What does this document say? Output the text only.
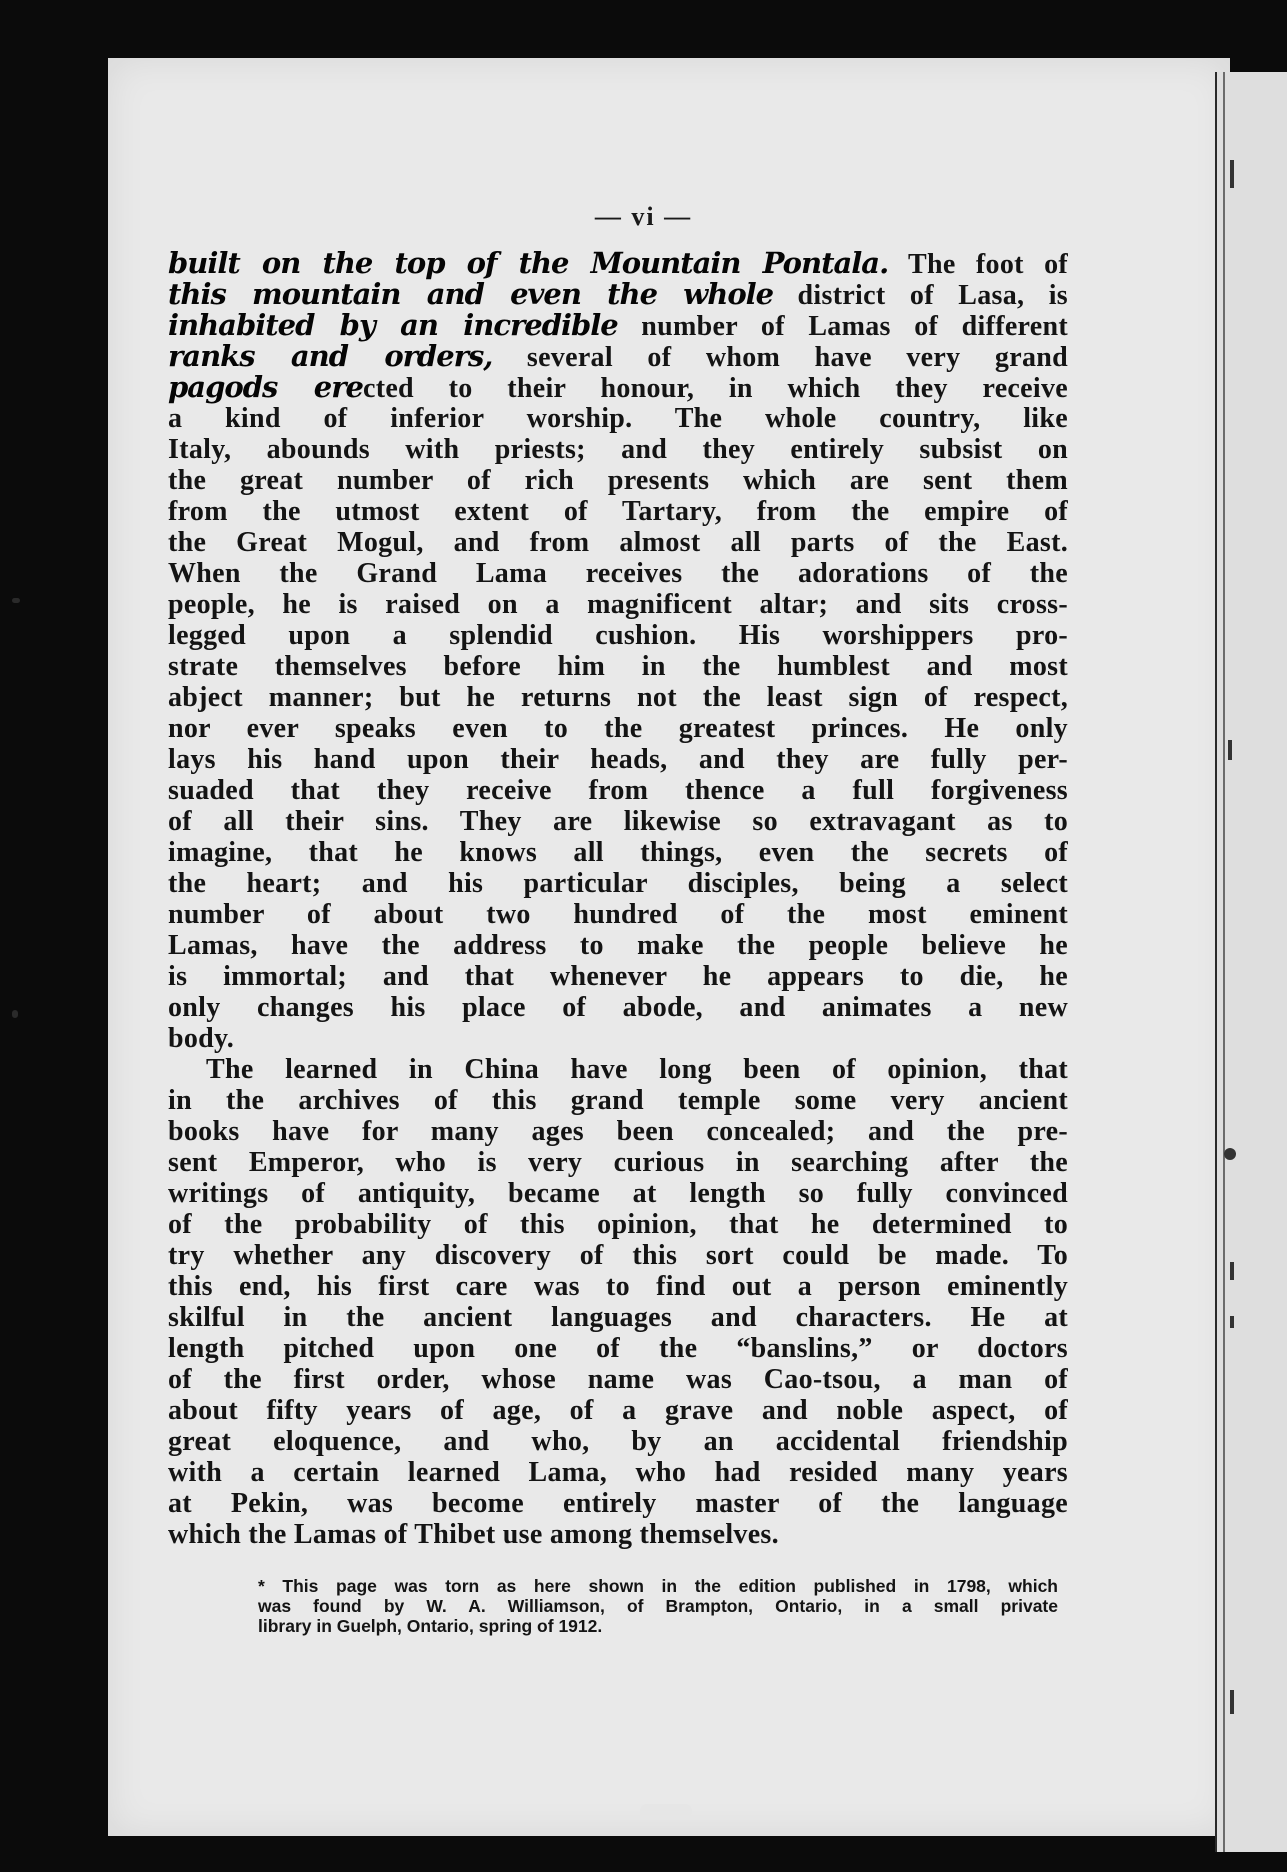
— vi —
built on the top of the Mountain Pontala. The foot of
this mountain and even the whole district of Lasa, is
inhabited by an incredible number of Lamas of different
ranks and orders, several of whom have very grand
pagods erected to their honour, in which they receive
a kind of inferior worship. The whole country, like
Italy, abounds with priests; and they entirely subsist on
the great number of rich presents which are sent them
from the utmost extent of Tartary, from the empire of
the Great Mogul, and from almost all parts of the East.
When the Grand Lama receives the adorations of the
people, he is raised on a magnificent altar; and sits cross-
legged upon a splendid cushion. His worshippers pro-
strate themselves before him in the humblest and most
abject manner; but he returns not the least sign of respect,
nor ever speaks even to the greatest princes. He only
lays his hand upon their heads, and they are fully per-
suaded that they receive from thence a full forgiveness
of all their sins. They are likewise so extravagant as to
imagine, that he knows all things, even the secrets of
the heart; and his particular disciples, being a select
number of about two hundred of the most eminent
Lamas, have the address to make the people believe he
is immortal; and that whenever he appears to die, he
only changes his place of abode, and animates a new
body.
The learned in China have long been of opinion, that
in the archives of this grand temple some very ancient
books have for many ages been concealed; and the pre-
sent Emperor, who is very curious in searching after the
writings of antiquity, became at length so fully convinced
of the probability of this opinion, that he determined to
try whether any discovery of this sort could be made. To
this end, his first care was to find out a person eminently
skilful in the ancient languages and characters. He at
length pitched upon one of the “banslins,” or doctors
of the first order, whose name was Cao-tsou, a man of
about fifty years of age, of a grave and noble aspect, of
great eloquence, and who, by an accidental friendship
with a certain learned Lama, who had resided many years
at Pekin, was become entirely master of the language
which the Lamas of Thibet use among themselves.
* This page was torn as here shown in the edition published in 1798, which
was found by W. A. Williamson, of Brampton, Ontario, in a small private
library in Guelph, Ontario, spring of 1912.
